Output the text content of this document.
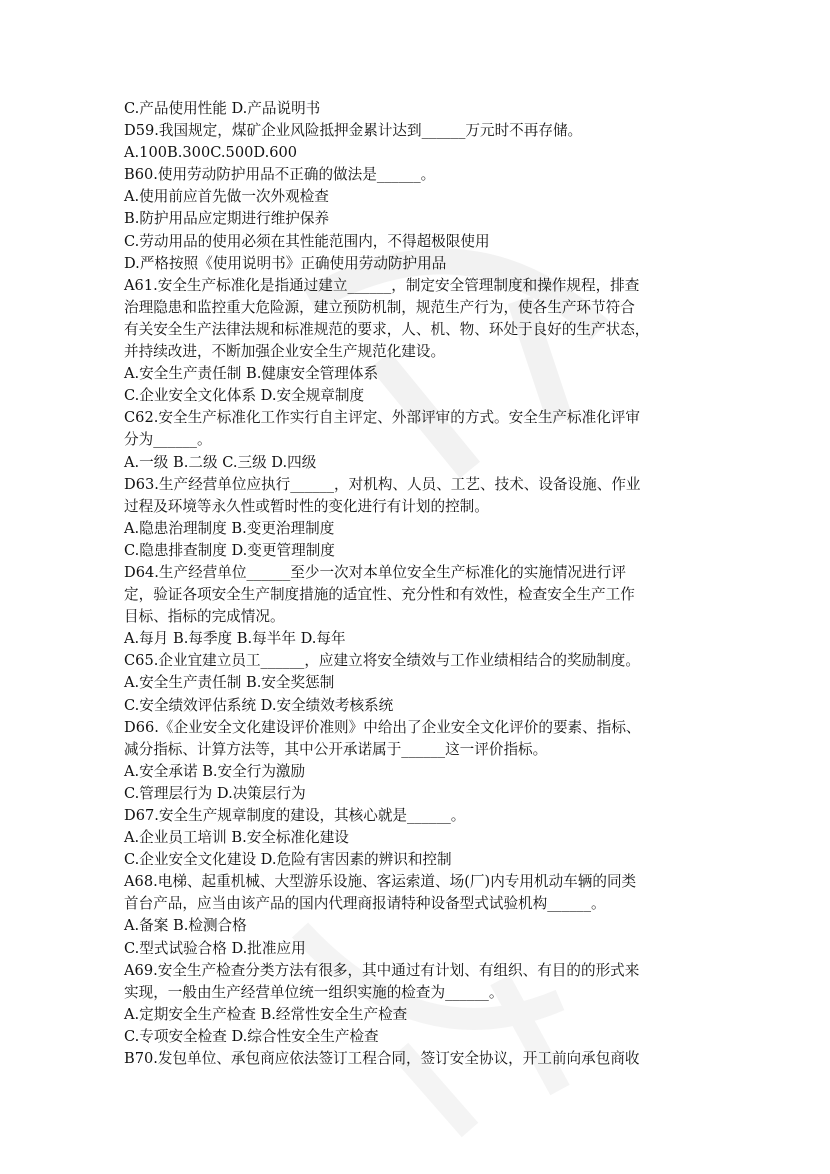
C.产品使用性能 D.产品说明书
D59.我国规定，煤矿企业风险抵押金累计达到______万元时不再存储。
A.100B.300C.500D.600
B60.使用劳动防护用品不正确的做法是______。
A.使用前应首先做一次外观检查
B.防护用品应定期进行维护保养
C.劳动用品的使用必须在其性能范围内，不得超极限使用
D.严格按照《使用说明书》正确使用劳动防护用品
A61.安全生产标准化是指通过建立______，制定安全管理制度和操作规程，排查
治理隐患和监控重大危险源，建立预防机制，规范生产行为，使各生产环节符合
有关安全生产法律法规和标准规范的要求，人、机、物、环处于良好的生产状态，
并持续改进，不断加强企业安全生产规范化建设。
A.安全生产责任制 B.健康安全管理体系
C.企业安全文化体系 D.安全规章制度
C62.安全生产标准化工作实行自主评定、外部评审的方式。安全生产标准化评审
分为______。
A.一级 B.二级 C.三级 D.四级
D63.生产经营单位应执行______，对机构、人员、工艺、技术、设备设施、作业
过程及环境等永久性或暂时性的变化进行有计划的控制。
A.隐患治理制度 B.变更治理制度
C.隐患排查制度 D.变更管理制度
D64.生产经营单位______至少一次对本单位安全生产标准化的实施情况进行评
定，验证各项安全生产制度措施的适宜性、充分性和有效性，检查安全生产工作
目标、指标的完成情况。
A.每月 B.每季度 B.每半年 D.每年
C65.企业宜建立员工______，应建立将安全绩效与工作业绩相结合的奖励制度。
A.安全生产责任制 B.安全奖惩制
C.安全绩效评估系统 D.安全绩效考核系统
D66.《企业安全文化建设评价准则》中给出了企业安全文化评价的要素、指标、
减分指标、计算方法等，其中公开承诺属于______这一评价指标。
A.安全承诺 B.安全行为激励
C.管理层行为 D.决策层行为
D67.安全生产规章制度的建设，其核心就是______。
A.企业员工培训 B.安全标准化建设
C.企业安全文化建设 D.危险有害因素的辨识和控制
A68.电梯、起重机械、大型游乐设施、客运索道、场(厂)内专用机动车辆的同类
首台产品，应当由该产品的国内代理商报请特种设备型式试验机构______。
A.备案 B.检测合格
C.型式试验合格 D.批准应用
A69.安全生产检查分类方法有很多，其中通过有计划、有组织、有目的的形式来
实现，一般由生产经营单位统一组织实施的检查为______。
A.定期安全生产检查 B.经常性安全生产检查
C.专项安全检查 D.综合性安全生产检查
B70.发包单位、承包商应依法签订工程合同，签订安全协议，开工前向承包商收
